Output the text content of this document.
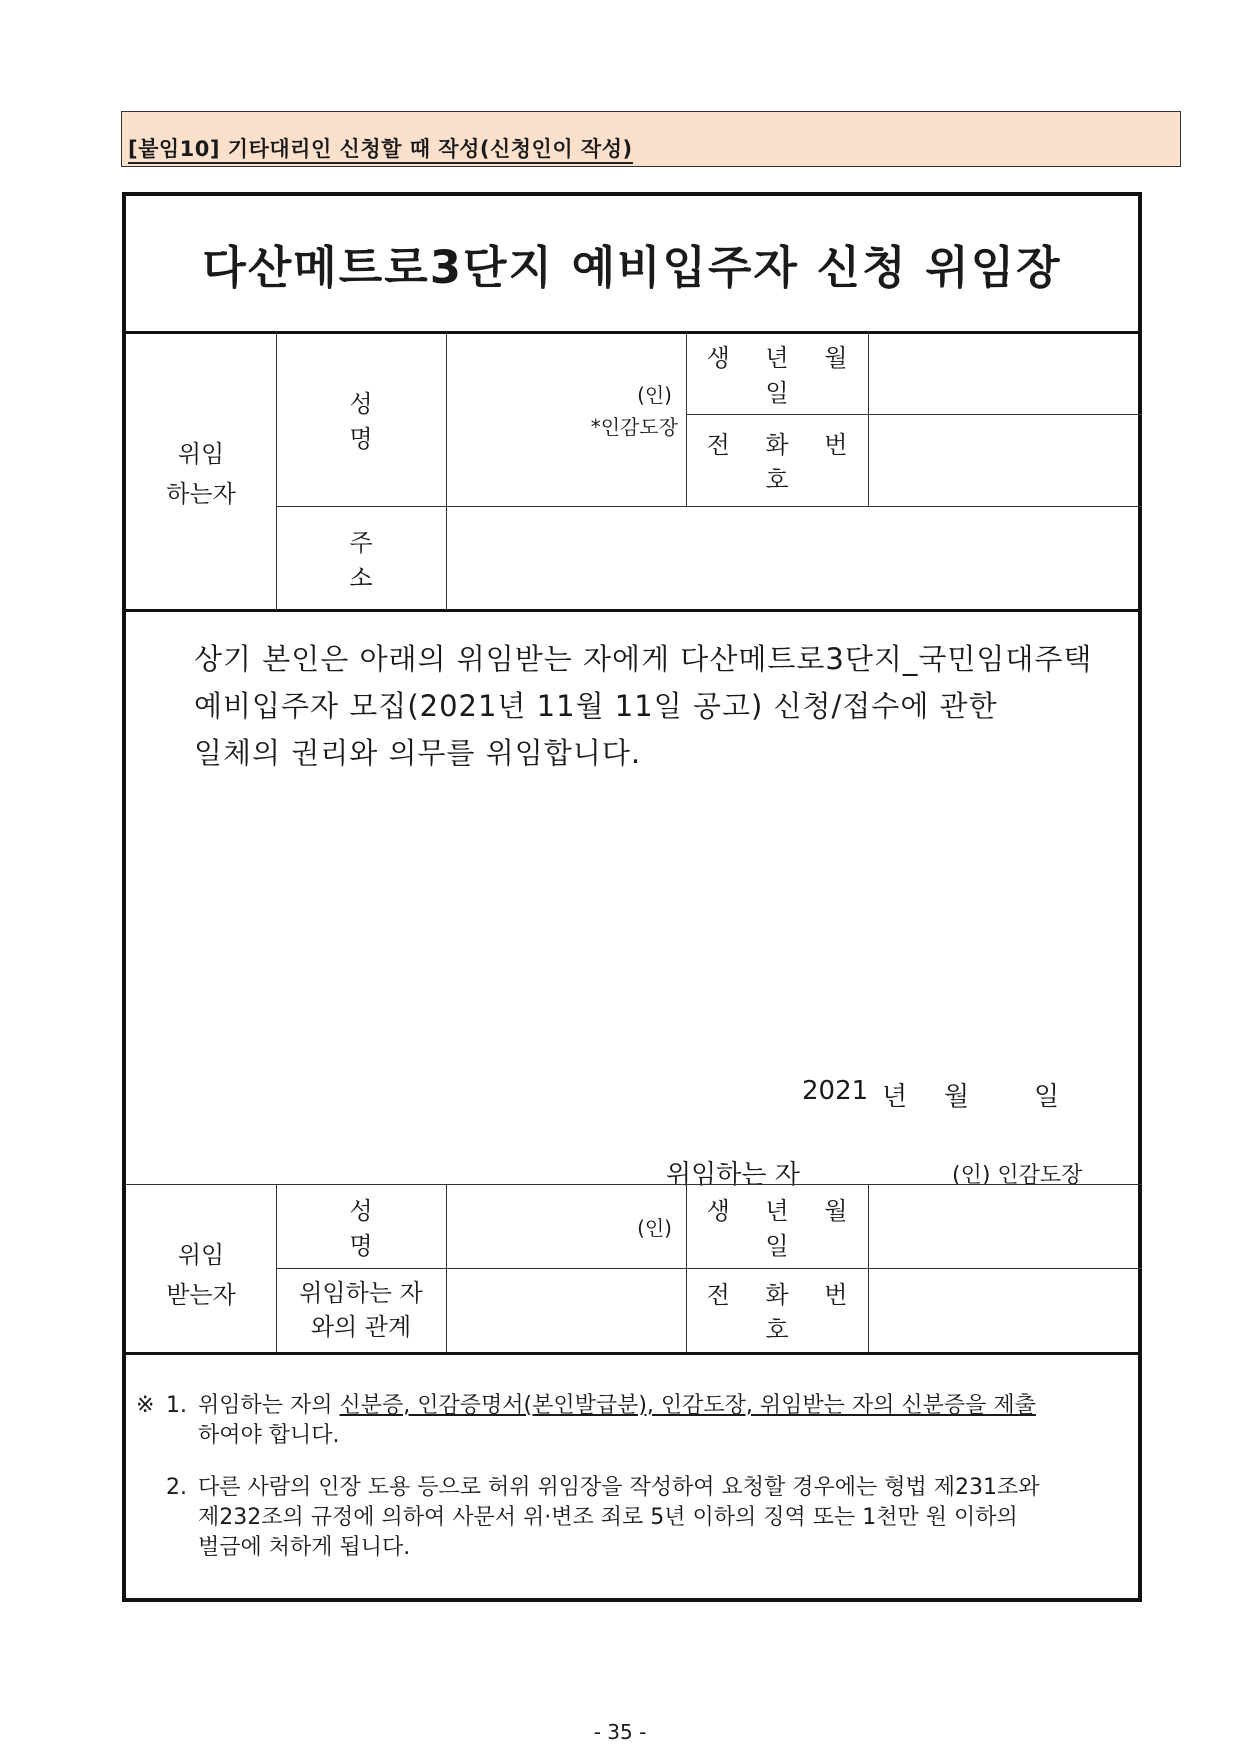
[붙임10] 기타대리인 신청할 때 작성(신청인이 작성)
다산메트로3단지 예비입주자 신청 위임장
위임
하는자
성 명
(인)
*인감도장
생 년 월 일
전 화 번 호
주 소
상기 본인은 아래의 위임받는 자에게 다산메트로3단지_국민임대주택
예비입주자 모집(2021년 11월 11일 공고) 신청/접수에 관한
일체의 권리와 의무를 위임합니다.
2021 년 월 일
위임하는 자	(인) 인감도장
위임
받는자
성 명
(인)
생 년 월 일
위임하는 자
와의 관계
전 화 번 호
※ 1. 위임하는 자의 신분증, 인감증명서(본인발급분), 인감도장, 위임받는 자의 신분증을 제출
하여야 합니다.
2. 다른 사람의 인장 도용 등으로 허위 위임장을 작성하여 요청할 경우에는 형법 제231조와
제232조의 규정에 의하여 사문서 위·변조 죄로 5년 이하의 징역 또는 1천만 원 이하의
벌금에 처하게 됩니다.
- 35 -
